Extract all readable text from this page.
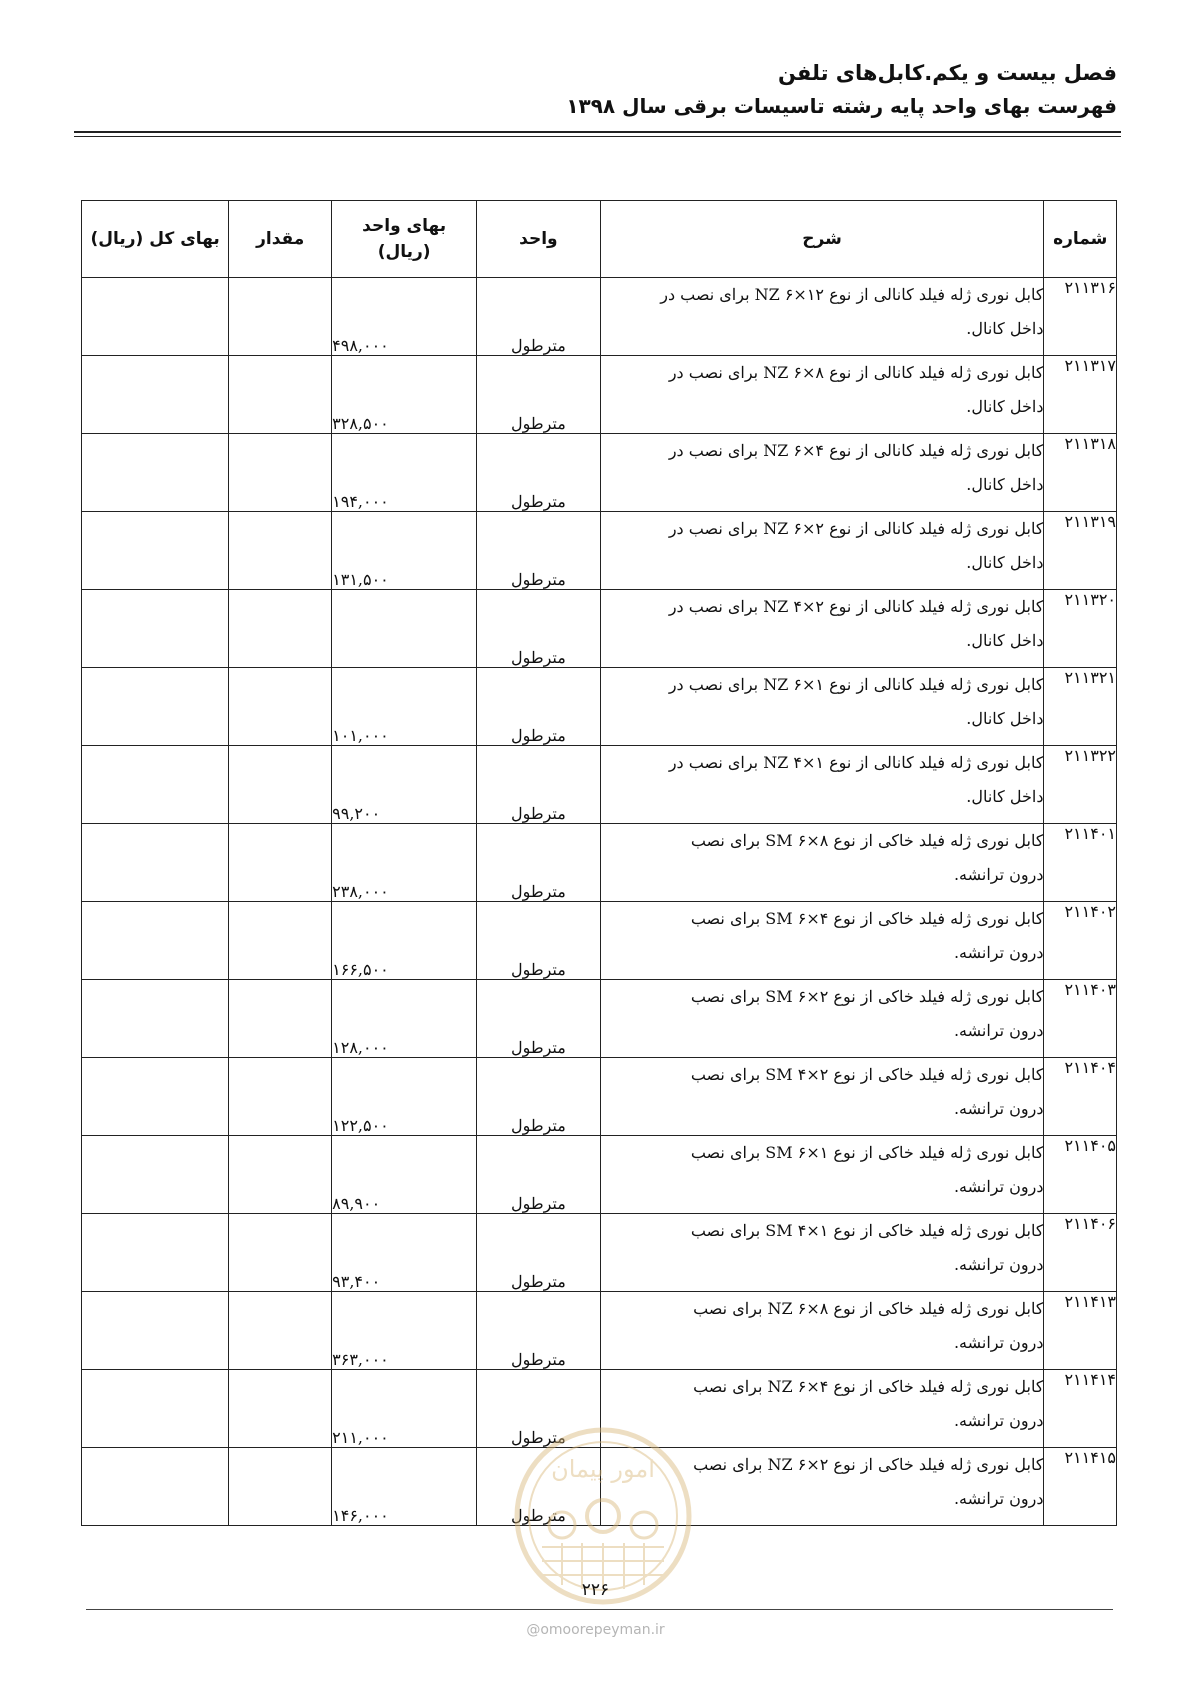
فصل بیست و یکم.کابل‌های تلفن
فهرست بهای واحد پایه رشته تاسیسات برقی سال ۱۳۹۸
شماره	شرح	واحد	بهای واحد
(ریال)	مقدار	بهای کل (ریال)
۲۱۱۳۱۶	کابل نوری ژله فیلد کانالی از نوع NZ ۶×۱۲ برای نصب در
داخل کانال.	مترطول	۴۹۸,۰۰۰		
۲۱۱۳۱۷	کابل نوری ژله فیلد کانالی از نوع NZ ۶×۸ برای نصب در
داخل کانال.	مترطول	۳۲۸,۵۰۰		
۲۱۱۳۱۸	کابل نوری ژله فیلد کانالی از نوع NZ ۶×۴ برای نصب در
داخل کانال.	مترطول	۱۹۴,۰۰۰		
۲۱۱۳۱۹	کابل نوری ژله فیلد کانالی از نوع NZ ۶×۲ برای نصب در
داخل کانال.	مترطول	۱۳۱,۵۰۰		
۲۱۱۳۲۰	کابل نوری ژله فیلد کانالی از نوع NZ ۴×۲ برای نصب در
داخل کانال.	مترطول			
۲۱۱۳۲۱	کابل نوری ژله فیلد کانالی از نوع NZ ۶×۱ برای نصب در
داخل کانال.	مترطول	۱۰۱,۰۰۰		
۲۱۱۳۲۲	کابل نوری ژله فیلد کانالی از نوع NZ ۴×۱ برای نصب در
داخل کانال.	مترطول	۹۹,۲۰۰		
۲۱۱۴۰۱	کابل نوری ژله فیلد خاکی از نوع SM ۶×۸ برای نصب
درون ترانشه.	مترطول	۲۳۸,۰۰۰		
۲۱۱۴۰۲	کابل نوری ژله فیلد خاکی از نوع SM ۶×۴ برای نصب
درون ترانشه.	مترطول	۱۶۶,۵۰۰		
۲۱۱۴۰۳	کابل نوری ژله فیلد خاکی از نوع SM ۶×۲ برای نصب
درون ترانشه.	مترطول	۱۲۸,۰۰۰		
۲۱۱۴۰۴	کابل نوری ژله فیلد خاکی از نوع SM ۴×۲ برای نصب
درون ترانشه.	مترطول	۱۲۲,۵۰۰		
۲۱۱۴۰۵	کابل نوری ژله فیلد خاکی از نوع SM ۶×۱ برای نصب
درون ترانشه.	مترطول	۸۹,۹۰۰		
۲۱۱۴۰۶	کابل نوری ژله فیلد خاکی از نوع SM ۴×۱ برای نصب
درون ترانشه.	مترطول	۹۳,۴۰۰		
۲۱۱۴۱۳	کابل نوری ژله فیلد خاکی از نوع NZ ۶×۸ برای نصب
درون ترانشه.	مترطول	۳۶۳,۰۰۰		
۲۱۱۴۱۴	کابل نوری ژله فیلد خاکی از نوع NZ ۶×۴ برای نصب
درون ترانشه.	مترطول	۲۱۱,۰۰۰		
۲۱۱۴۱۵	کابل نوری ژله فیلد خاکی از نوع NZ ۶×۲ برای نصب
درون ترانشه.	مترطول	۱۴۶,۰۰۰		
امور پیمان
۲۲۶
@omoorepeyman.ir
